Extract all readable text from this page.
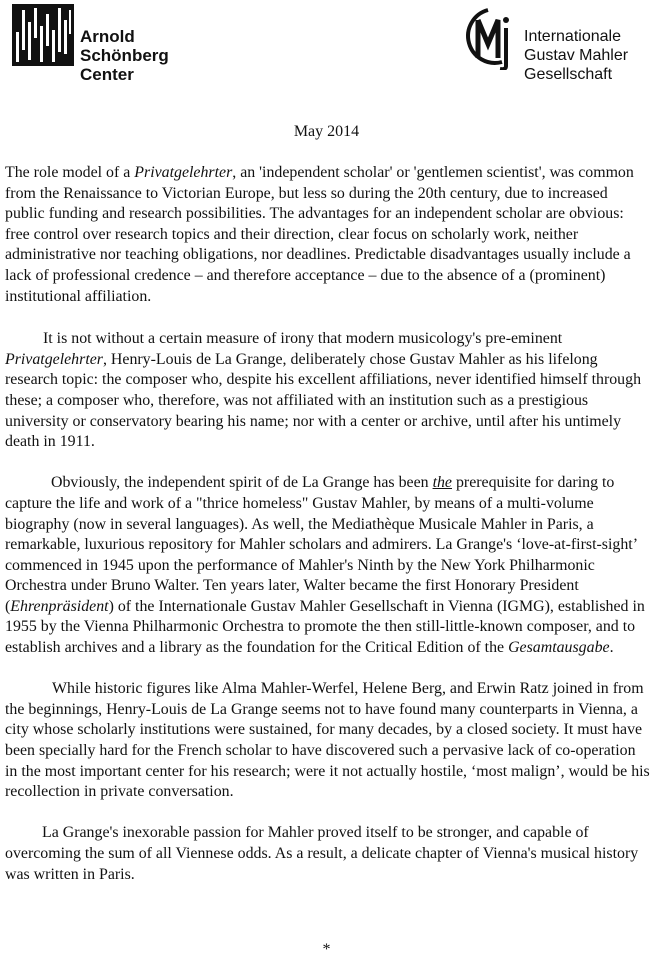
Arnold
Schönberg
Center
Internationale
Gustav Mahler
Gesellschaft
May 2014

The role model of a Privatgelehrter, an 'independent scholar' or 'gentlemen scientist', was common from the Renaissance to Victorian Europe, but less so during the 20th century, due to increased public funding and research possibilities. The advantages for an independent scholar are obvious: free control over research topics and their direction, clear focus on scholarly work, neither administrative nor teaching obligations, nor deadlines. Predictable disadvantages usually include a lack of professional credence – and therefore acceptance – due to the absence of a (prominent) institutional affiliation.

It is not without a certain measure of irony that modern musicology's pre-eminent Privatgelehrter, Henry-Louis de La Grange, deliberately chose Gustav Mahler as his lifelong research topic: the composer who, despite his excellent affiliations, never identified himself through these; a composer who, therefore, was not affiliated with an institution such as a prestigious university or conservatory bearing his name; nor with a center or archive, until after his untimely death in 1911.

Obviously, the independent spirit of de La Grange has been the prerequisite for daring to capture the life and work of a "thrice homeless" Gustav Mahler, by means of a multi-volume biography (now in several languages). As well, the Mediathèque Musicale Mahler in Paris, a remarkable, luxurious repository for Mahler scholars and admirers. La Grange's ‘love-at-first-sight’ commenced in 1945 upon the performance of Mahler's Ninth by the New York Philharmonic Orchestra under Bruno Walter. Ten years later, Walter became the first Honorary President (Ehrenpräsident) of the Internationale Gustav Mahler Gesellschaft in Vienna (IGMG), established in 1955 by the Vienna Philharmonic Orchestra to promote the then still-little-known composer, and to establish archives and a library as the foundation for the Critical Edition of the Gesamtausgabe.

While historic figures like Alma Mahler-Werfel, Helene Berg, and Erwin Ratz joined in from the beginnings, Henry-Louis de La Grange seems not to have found many counterparts in Vienna, a city whose scholarly institutions were sustained, for many decades, by a closed society. It must have been specially hard for the French scholar to have discovered such a pervasive lack of co-operation in the most important center for his research; were it not actually hostile, ‘most malign’, would be his recollection in private conversation.

La Grange's inexorable passion for Mahler proved itself to be stronger, and capable of overcoming the sum of all Viennese odds. As a result, a delicate chapter of Vienna's musical history was written in Paris.

*
